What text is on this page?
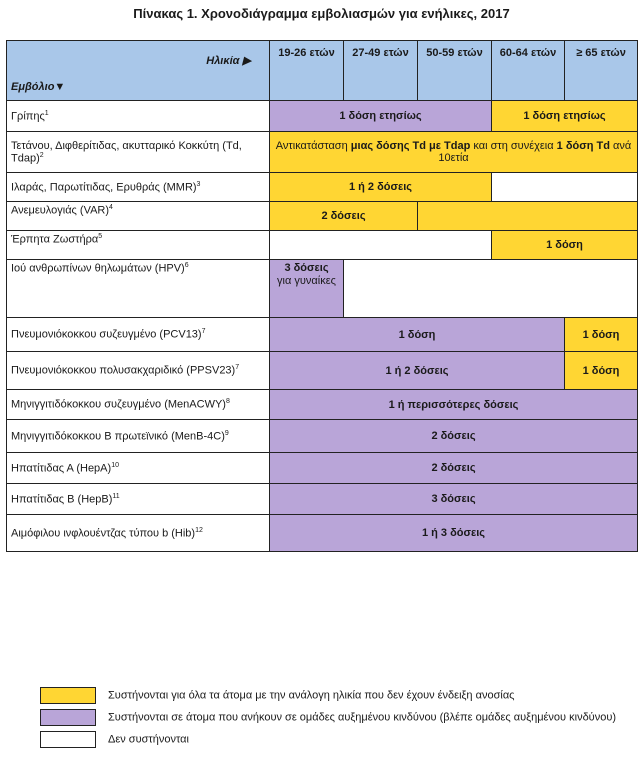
Πίνακας 1. Χρονοδιάγραμμα εμβολιασμών για ενήλικες, 2017
Ηλικία ▶
Εμβόλιο▼	19-26 ετών	27-49 ετών	50-59 ετών	60-64 ετών	≥ 65 ετών
Γρίπης$^1$	1 δόση ετησίως			1 δόση ετησίως	
Τετάνου, Διφθερίτιδας, ακυτταρικό Κοκκύτη (Td, Tdap)$^2$	Αντικατάσταση μιας δόσης Td με Tdap και στη συνέχεια 1 δόση Td ανά 10ετία				
Ιλαράς, Παρωτίτιδας, Ερυθράς (MMR)$^3$	1 ή 2 δόσεις				
Ανεμευλογιάς (VAR)$^4$	2 δόσεις				
Έρπητα Ζωστήρα$^5$				1 δόση	
Ιού ανθρωπίνων θηλωμάτων (HPV)$^6$	3 δόσεις
για γυναίκες				

Πνευμονιόκοκκου συζευγμένο $(PCV13)^7$	1 δόση				1 δόση
Πνευμονιόκοκκου πολυσακχαριδικό (PPSV23)$^7$	1 ή 2 δόσεις				1 δόση
Μηνιγγιτιδόκοκκου συζευγμένο (MenACWY)$^8$	1 ή περισσότερες δόσεις				
Μηνιγγιτιδόκοκκου Β πρωτεϊνικό (MenB-4C)$^9$	2 δόσεις				
Ηπατίτιδας Α (HepA)$^{10}$	2 δόσεις				
Ηπατίτιδας Β (HepB)$^{11}$	3 δόσεις				
Αιμόφιλου ινφλουέντζας τύπου b (Hib)$^{12}$	1 ή 3 δόσεις				
Συστήνονται για όλα τα άτομα με την ανάλογη ηλικία που δεν έχουν ένδειξη ανοσίας
Συστήνονται σε άτομα που ανήκουν σε ομάδες αυξημένου κινδύνου (βλέπε ομάδες αυξημένου κινδύνου)
Δεν συστήνονται
